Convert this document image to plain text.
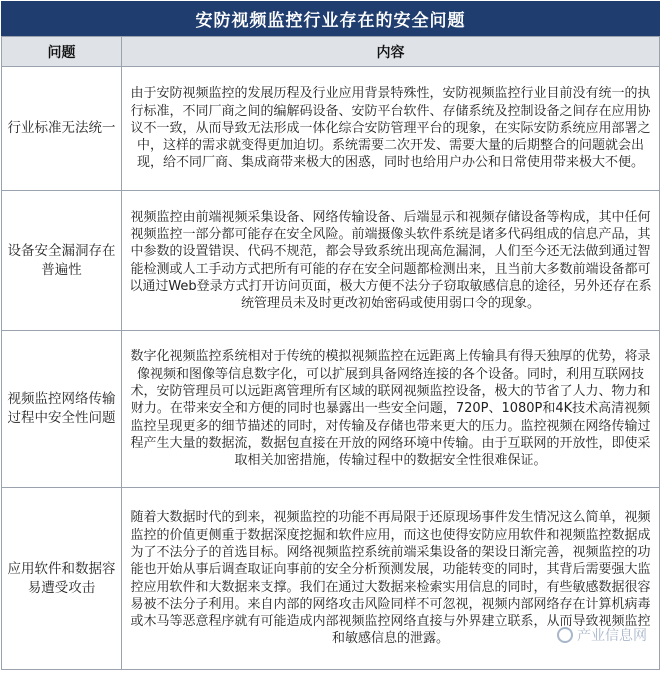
安防视频监控行业存在的安全问题
问题	内容
行业标准无法统一	由于安防视频监控的发展历程及行业应用背景特殊性，安防视频监控行业目前没有统一的执行标准，不同厂商之间的编解码设备、安防平台软件、存储系统及控制设备之间存在应用协议不一致，从而导致无法形成一体化综合安防管理平台的现象，在实际安防系统应用部署之中，这样的需求就变得更加迫切。系统需要二次开发、需要大量的后期整合的问题就会出现，给不同厂商、集成商带来极大的困惑，同时也给用户办公和日常使用带来极大不便。
设备安全漏洞存在普遍性	视频监控由前端视频采集设备、网络传输设备、后端显示和视频存储设备等构成，其中任何视频监控一部分都可能存在安全风险。前端摄像头软件系统是诸多代码组成的信息产品，其中参数的设置错误、代码不规范，都会导致系统出现高危漏洞，人们至今还无法做到通过智能检测或人工手动方式把所有可能的存在安全问题都检测出来，且当前大多数前端设备都可以通过Web登录方式打开访问页面，极大方便不法分子窃取敏感信息的途径，另外还存在系统管理员未及时更改初始密码或使用弱口令的现象。
视频监控网络传输过程中安全性问题	数字化视频监控系统相对于传统的模拟视频监控在远距离上传输具有得天独厚的优势，将录像视频和图像等信息数字化，可以扩展到具备网络连接的各个设备。同时，利用互联网技术，安防管理员可以远距离管理所有区域的联网视频监控设备，极大的节省了人力、物力和财力。在带来安全和方便的同时也暴露出一些安全问题，720P、1080P和4K技术高清视频监控呈现更多的细节描述的同时，对传输及存储也带来更大的压力。监控视频在网络传输过程产生大量的数据流，数据包直接在开放的网络环境中传输。由于互联网的开放性，即使采取相关加密措施，传输过程中的数据安全性很难保证。
应用软件和数据容易遭受攻击	随着大数据时代的到来，视频监控的功能不再局限于还原现场事件发生情况这么简单，视频监控的价值更侧重于数据深度挖掘和软件应用，而这也使得安防应用软件和视频监控数据成为了不法分子的首选目标。网络视频监控系统前端采集设备的架设日渐完善，视频监控的功能也开始从事后调查取证向事前的安全分析预测发展，功能转变的同时，其背后需要强大监控应用软件和大数据来支撑。我们在通过大数据来检索实用信息的同时，有些敏感数据很容易被不法分子利用。来自内部的网络攻击风险同样不可忽视，视频内部网络存在计算机病毒或木马等恶意程序就有可能造成内部视频监控网络直接与外界建立联系，从而导致视频监控和敏感信息的泄露。	产业信息网
